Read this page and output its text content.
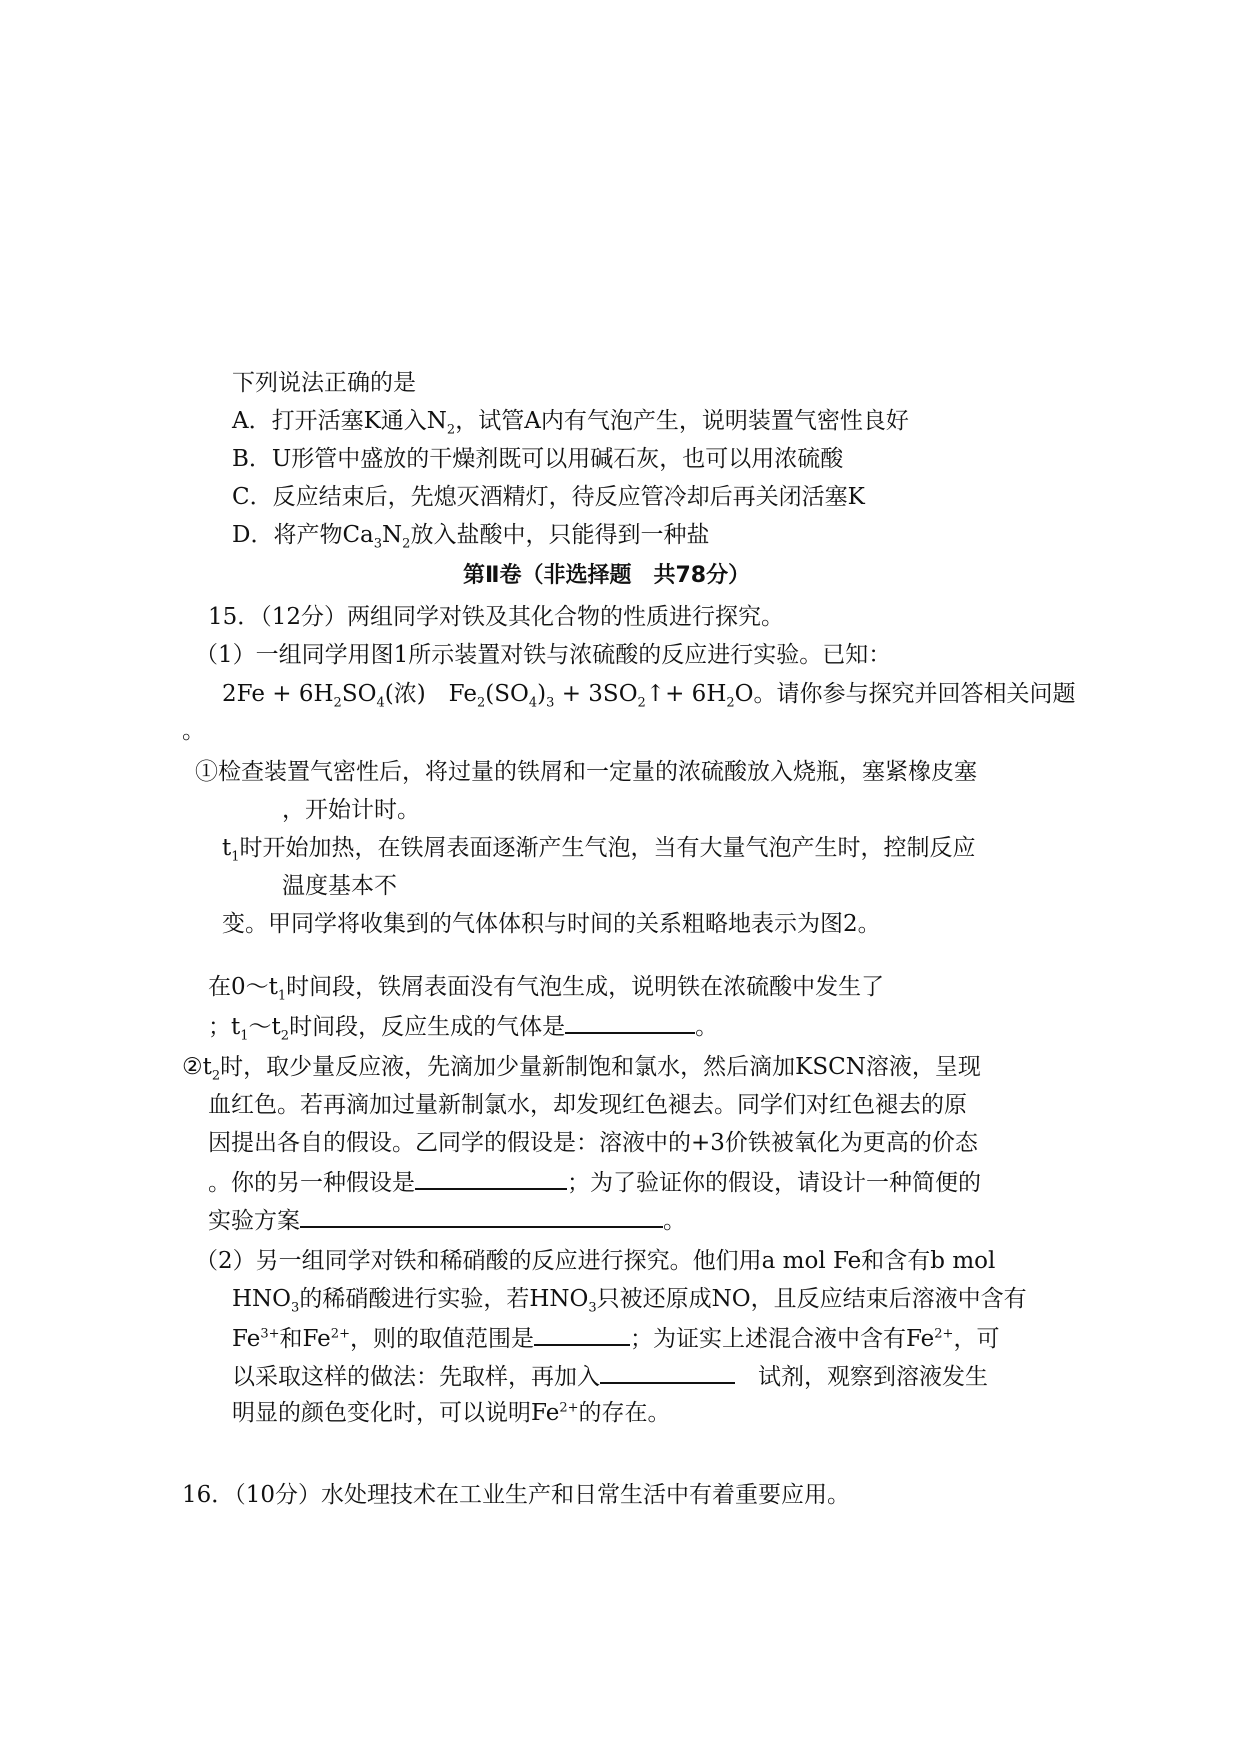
下列说法正确的是
A．打开活塞K通入$N_2$，试管A内有气泡产生，说明装置气密性良好
B．U形管中盛放的干燥剂既可以用碱石灰，也可以用浓硫酸
C．反应结束后，先熄灭酒精灯，待反应管冷却后再关闭活塞K
D．将产物$Ca_3N_2$放入盐酸中，只能得到一种盐
第Ⅱ卷（非选择题　共78分）
15．（12分）两组同学对铁及其化合物的性质进行探究。
（1）一组同学用图1所示装置对铁与浓硫酸的反应进行实验。已知：
$2Fe + 6H_2SO_4$(浓)　$Fe_2(SO_4)_3$ + $3SO_2↑+ 6H_2O$。请你参与探究并回答相关问题
。
①检查装置气密性后，将过量的铁屑和一定量的浓硫酸放入烧瓶，塞紧橡皮塞
，开始计时。
$t_1$时开始加热，在铁屑表面逐渐产生气泡，当有大量气泡产生时，控制反应
温度基本不
变。甲同学将收集到的气体体积与时间的关系粗略地表示为图2。
在$0\sim t_1$时间段，铁屑表面没有气泡生成，说明铁在浓硫酸中发生了
；$t_1\sim t_2$时间段，反应生成的气体是	。
$②t_2$时，取少量反应液，先滴加少量新制饱和氯水，然后滴加KSCN溶液，呈现
血红色。若再滴加过量新制氯水，却发现红色褪去。同学们对红色褪去的原
因提出各自的假设。乙同学的假设是：溶液中的+3价铁被氧化为更高的价态
。你的另一种假设是	；为了验证你的假设，请设计一种简便的
实验方案	。
（2）另一组同学对铁和稀硝酸的反应进行探究。他们用a mol Fe和含有b mol
$HNO_3$的稀硝酸进行实验，若$HNO_3$只被还原成NO，且反应结束后溶液中含有
$Fe^{3+}$和$Fe^{2+}$，则的取值范围是	；为证实上述混合液中含有$Fe^{2+}$，可
以采取这样的做法：先取样，再加入	　试剂，观察到溶液发生
明显的颜色变化时，可以说明$Fe^{2+}$的存在。
16．（10分）水处理技术在工业生产和日常生活中有着重要应用。
